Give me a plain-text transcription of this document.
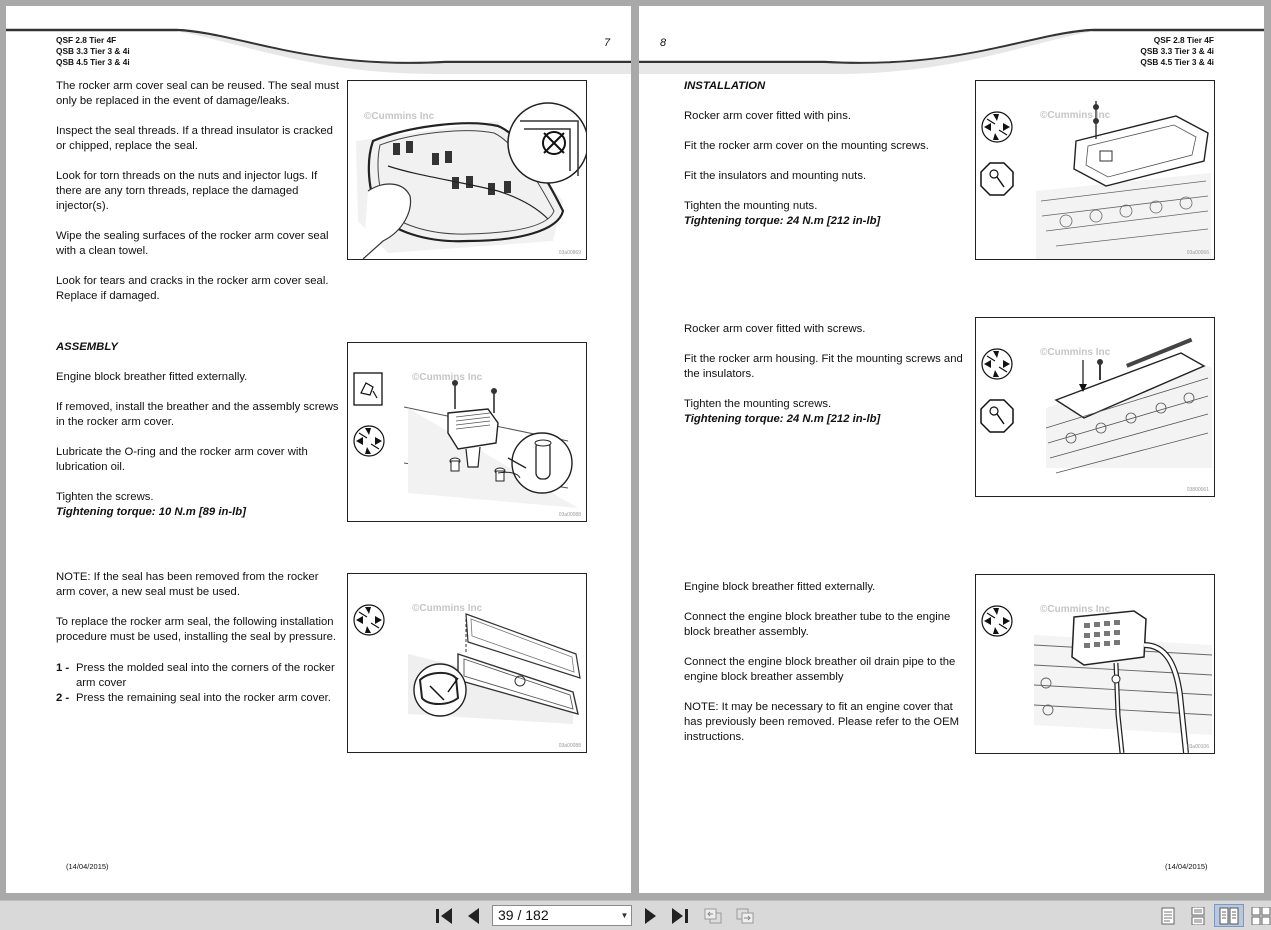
QSF 2.8 Tier 4F
QSB 3.3 Tier 3 & 4i
QSB 4.5 Tier 3 & 4i
7

The rocker arm cover seal can be reused. The seal must only be replaced in the event of damage/leaks.

Inspect the seal threads. If a thread insulator is cracked or chipped, replace the seal.

Look for torn threads on the nuts and injector lugs. If there are any torn threads, replace the damaged injector(s).

Wipe the sealing surfaces of the rocker arm cover seal with a clean towel.

Look for tears and cracks in the rocker arm cover seal. Replace if damaged.

©Cummins Inc
03a00869

ASSEMBLY

Engine block breather fitted externally.

If removed, install the breather and the assembly screws in the rocker arm cover.

Lubricate the O-ring and the rocker arm cover with lubrication oil.

Tighten the screws.

Tightening torque: 10 N.m [89 in-lb]

©Cummins Inc
03a00088

NOTE: If the seal has been removed from the rocker arm cover, a new seal must be used.

To replace the rocker arm seal, the following installation procedure must be used, installing the seal by pressure.

1 - Press the molded seal into the corners of the rocker arm cover
2 - Press the remaining seal into the rocker arm cover.
©Cummins Inc
03a00088
(14/04/2015)
8	QSF 2.8 Tier 4F
QSB 3.3 Tier 3 & 4i
QSB 4.5 Tier 3 & 4i

INSTALLATION

Rocker arm cover fitted with pins.

Fit the rocker arm cover on the mounting screws.

Fit the insulators and mounting nuts.

Tighten the mounting nuts.

Tightening torque: 24 N.m [212 in-lb]

©Cummins Inc
03a00066

Rocker arm cover fitted with screws.

Fit the rocker arm housing. Fit the mounting screws and the insulators.

Tighten the mounting screws.

Tightening torque: 24 N.m [212 in-lb]

©Cummins Inc
03800061

Engine block breather fitted externally.

Connect the engine block breather tube to the engine block breather assembly.

Connect the engine block breather oil drain pipe to the engine block breather assembly

NOTE: It may be necessary to fit an engine cover that has previously been removed. Please refer to the OEM instructions.

©Cummins Inc
03a00106
(14/04/2015)
39 / 182	▼
